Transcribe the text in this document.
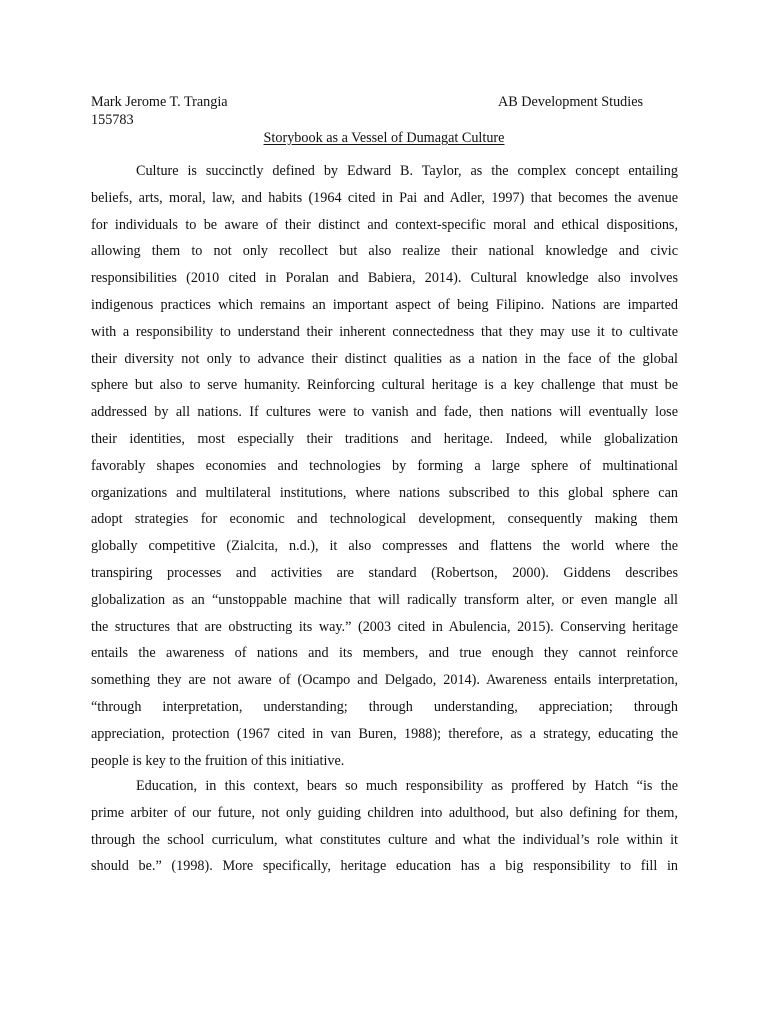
Mark Jerome T. Trangia
155783
AB Development Studies
Storybook as a Vessel of Dumagat Culture
Culture is succinctly defined by Edward B. Taylor, as the complex concept entailing
beliefs, arts, moral, law, and habits (1964 cited in Pai and Adler, 1997) that becomes the avenue
for individuals to be aware of their distinct and context-specific moral and ethical dispositions,
allowing them to not only recollect but also realize their national knowledge and civic
responsibilities (2010 cited in Poralan and Babiera, 2014). Cultural knowledge also involves
indigenous practices which remains an important aspect of being Filipino. Nations are imparted
with a responsibility to understand their inherent connectedness that they may use it to cultivate
their diversity not only to advance their distinct qualities as a nation in the face of the global
sphere but also to serve humanity. Reinforcing cultural heritage is a key challenge that must be
addressed by all nations. If cultures were to vanish and fade, then nations will eventually lose
their identities, most especially their traditions and heritage. Indeed, while globalization
favorably shapes economies and technologies by forming a large sphere of multinational
organizations and multilateral institutions, where nations subscribed to this global sphere can
adopt strategies for economic and technological development, consequently making them
globally competitive (Zialcita, n.d.), it also compresses and flattens the world where the
transpiring processes and activities are standard (Robertson, 2000). Giddens describes
globalization as an “unstoppable machine that will radically transform alter, or even mangle all
the structures that are obstructing its way.” (2003 cited in Abulencia, 2015). Conserving heritage
entails the awareness of nations and its members, and true enough they cannot reinforce
something they are not aware of (Ocampo and Delgado, 2014). Awareness entails interpretation,
“through interpretation, understanding; through understanding, appreciation; through
appreciation, protection (1967 cited in van Buren, 1988); therefore, as a strategy, educating the
people is key to the fruition of this initiative.
Education, in this context, bears so much responsibility as proffered by Hatch “is the
prime arbiter of our future, not only guiding children into adulthood, but also defining for them,
through the school curriculum, what constitutes culture and what the individual’s role within it
should be.” (1998). More specifically, heritage education has a big responsibility to fill in
